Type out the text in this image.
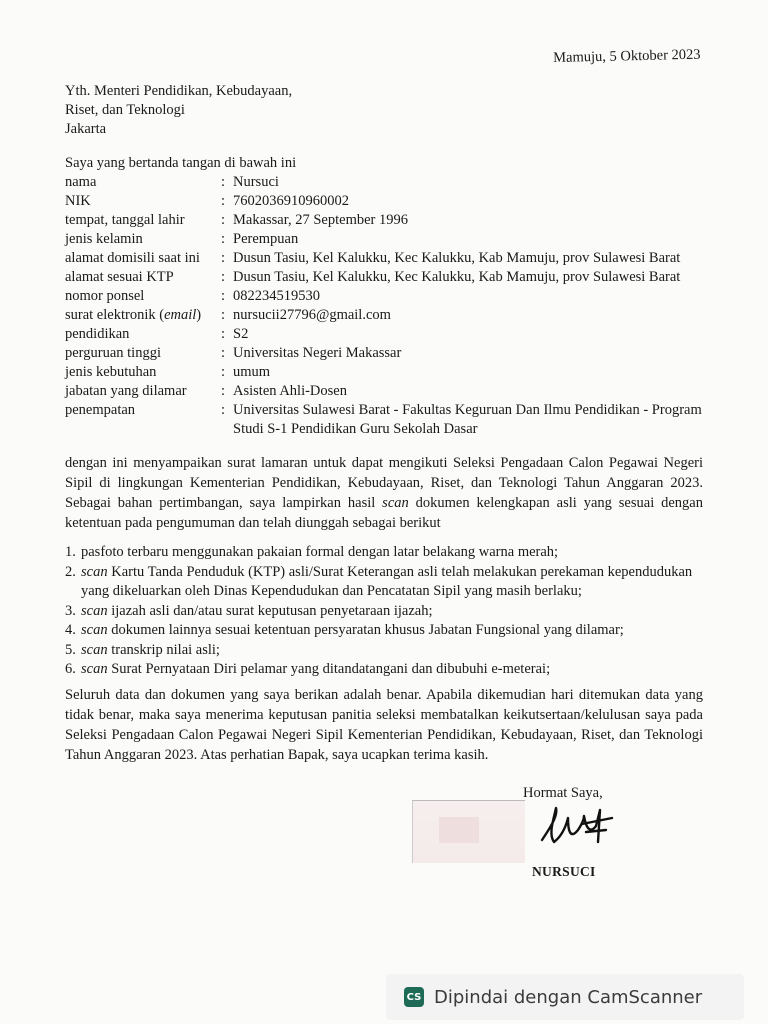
Mamuju, 5 Oktober 2023
Yth. Menteri Pendidikan, Kebudayaan,
Riset, dan Teknologi
Jakarta
Saya yang bertanda tangan di bawah ini
nama	: Nursuci
NIK	: 7602036910960002
tempat, tanggal lahir	: Makassar, 27 September 1996
jenis kelamin	: Perempuan
alamat domisili saat ini	: Dusun Tasiu, Kel Kalukku, Kec Kalukku, Kab Mamuju, prov Sulawesi Barat
alamat sesuai KTP	: Dusun Tasiu, Kel Kalukku, Kec Kalukku, Kab Mamuju, prov Sulawesi Barat
nomor ponsel	: 082234519530
surat elektronik (email)	: nursucii27796@gmail.com
pendidikan	: S2
perguruan tinggi	: Universitas Negeri Makassar
jenis kebutuhan	: umum
jabatan yang dilamar	: Asisten Ahli-Dosen
penempatan	: Universitas Sulawesi Barat - Fakultas Keguruan Dan Ilmu Pendidikan - Program Studi S-1 Pendidikan Guru Sekolah Dasar
dengan ini menyampaikan surat lamaran untuk dapat mengikuti Seleksi Pengadaan Calon Pegawai Negeri Sipil di lingkungan Kementerian Pendidikan, Kebudayaan, Riset, dan Teknologi Tahun Anggaran 2023. Sebagai bahan pertimbangan, saya lampirkan hasil scan dokumen kelengkapan asli yang sesuai dengan ketentuan pada pengumuman dan telah diunggah sebagai berikut
1. pasfoto terbaru menggunakan pakaian formal dengan latar belakang warna merah;
2. scan Kartu Tanda Penduduk (KTP) asli/Surat Keterangan asli telah melakukan perekaman kependudukan yang dikeluarkan oleh Dinas Kependudukan dan Pencatatan Sipil yang masih berlaku;
3. scan ijazah asli dan/atau surat keputusan penyetaraan ijazah;
4. scan dokumen lainnya sesuai ketentuan persyaratan khusus Jabatan Fungsional yang dilamar;
5. scan transkrip nilai asli;
6. scan Surat Pernyataan Diri pelamar yang ditandatangani dan dibubuhi e-meterai;
Seluruh data dan dokumen yang saya berikan adalah benar. Apabila dikemudian hari ditemukan data yang tidak benar, maka saya menerima keputusan panitia seleksi membatalkan keikutsertaan/kelulusan saya pada Seleksi Pengadaan Calon Pegawai Negeri Sipil Kementerian Pendidikan, Kebudayaan, Riset, dan Teknologi Tahun Anggaran 2023. Atas perhatian Bapak, saya ucapkan terima kasih.
Hormat Saya,
NURSUCI
CS Dipindai dengan CamScanner
